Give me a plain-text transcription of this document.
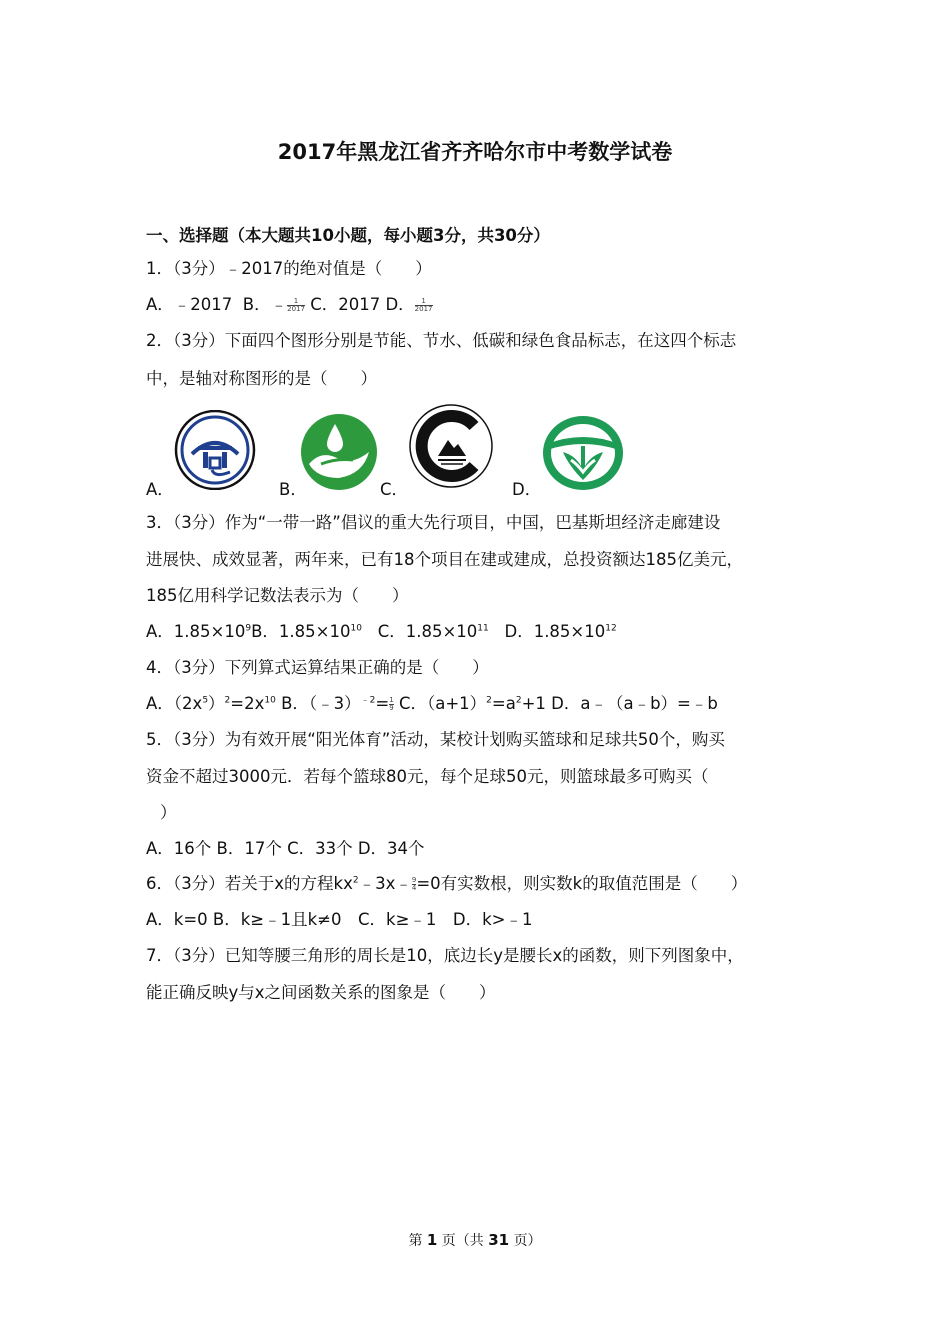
2017年黑龙江省齐齐哈尔市中考数学试卷
一、选择题（本大题共10小题，每小题3分，共30分）
1．（3分）﹣2017的绝对值是（　　）
A．﹣2017 B．﹣ $\frac{1}{2017}$ C．2017 D． $\frac{1}{2017}$
2．（3分）下面四个图形分别是节能、节水、低碳和绿色食品标志，在这四个标志
中，是轴对称图形的是（　　）
A．	B．	C．	D．
3．（3分）作为“一带一路”倡议的重大先行项目，中国，巴基斯坦经济走廊建设
进展快、成效显著，两年来，已有18个项目在建或建成，总投资额达185亿美元，
185亿用科学记数法表示为（　　）
A．$1.85\times 10^9B$．$1.85\times 10^{10}$ C．$1.85\times 10^{11}$ D．$1.85\times 10^{12}$
4．（3分）下列算式运算结果正确的是（　　）
A．$(2x^5)^2=2x^{10}$ B．（﹣3）$^{﹣2}$= $\frac{1}{9}$ C．$(a+1)^2=a^2+1$ D．a﹣（a﹣b）=﹣b
5．（3分）为有效开展“阳光体育”活动，某校计划购买篮球和足球共50个，购买
资金不超过3000元．若每个篮球80元，每个足球50元，则篮球最多可购买（
）
A．16个 B．17个 C．33个 D．34个
6．（3分）若关于x的方程$kx^2﹣3x﹣ \frac{9}{4} =0$有实数根，则实数k的取值范围是（　　）
A．k=0 B．k≥﹣1且k≠0　C．k≥﹣1　D．k>﹣1
7．（3分）已知等腰三角形的周长是10，底边长y是腰长x的函数，则下列图象中，
能正确反映y与x之间函数关系的图象是（　　）
第 1 页（共 31 页）
